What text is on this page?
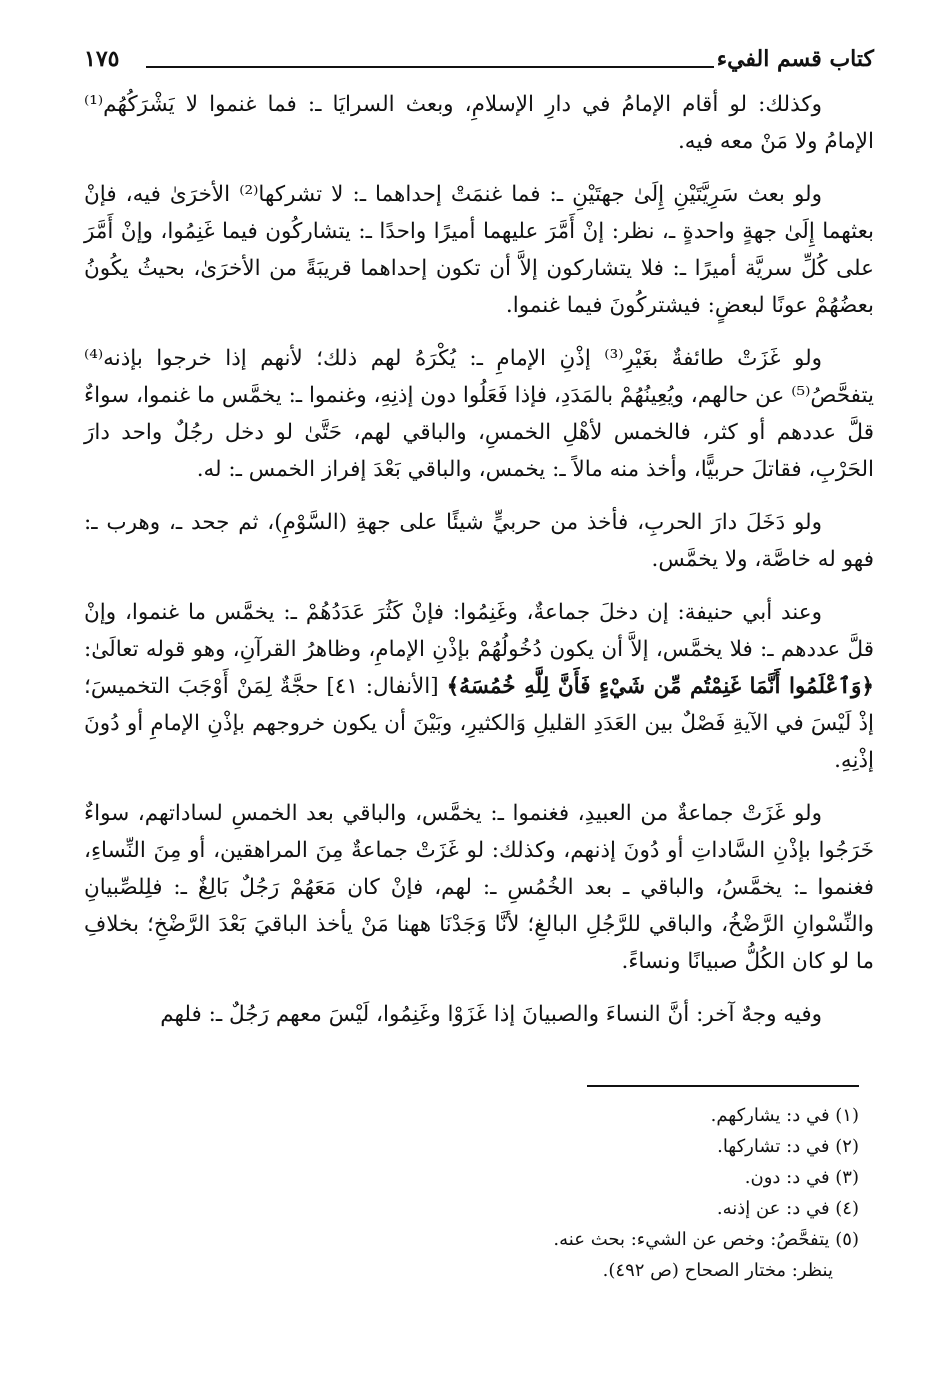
كتاب قسم الفيء
١٧٥

وكذلك: لو أقام الإمامُ في دارِ الإسلامِ، وبعث السرايَا ـ: فما غنموا لا يَشْرَكُهُم⁽¹⁾ الإمامُ ولا مَنْ معه فيه.

ولو بعث سَرِيَّتَيْنِ إِلَىٰ جهتَيْنِ ـ: فما غنمَتْ إحداهما ـ: لا تشركها⁽²⁾ الأخرَىٰ فيه، فإنْ بعثهما إِلَىٰ جهةٍ واحدةٍ ـ، نظر: إنْ أَمَّرَ عليهما أميرًا واحدًا ـ: يتشاركُون فيما غَنِمُوا، وإنْ أَمَّرَ على كُلِّ سريَّة أميرًا ـ: فلا يتشاركون إلاَّ أن تكون إحداهما قريبَةً من الأخرَىٰ، بحيثُ يكُونُ بعضُهُمْ عونًا لبعضٍ: فيشتركُونَ فيما غنموا.

ولو غَزَتْ طائفةٌ بغَيْرِ⁽³⁾ إذْنِ الإمامِ ـ: يُكْرَهُ لهم ذلك؛ لأنهم إذا خرجوا بإذنه⁽⁴⁾ يتفحَّصُ⁽⁵⁾ عن حالهم، ويُعِينُهُمْ بالمَدَدِ، فإذا فَعَلُوا دون إذنِهِ، وغنموا ـ: يخمَّس ما غنموا، سواءٌ قلَّ عددهم أو كثر، فالخمس لأهْلِ الخمسِ، والباقي لهم، حَتَّىٰ لو دخل رجُلٌ واحد دارَ الحَرْبِ، فقاتلَ حربيًّا، وأخذ منه مالاً ـ: يخمس، والباقي بَعْدَ إفراز الخمس ـ: له.

ولو دَخَلَ دارَ الحربِ، فأخذ من حربيٍّ شيئًا على جهةِ (السَّوْمِ)، ثم جحد ـ، وهرب ـ: فهو له خاصَّة، ولا يخمَّس.

وعند أبي حنيفة: إن دخلَ جماعةٌ، وغَنِمُوا: فإنْ كَثُرَ عَدَدُهُمْ ـ: يخمَّس ما غنموا، وإنْ قلَّ عددهم ـ: فلا يخمَّس، إلاَّ أن يكون دُخُولُهُمْ بإذْنِ الإمامِ، وظاهرُ القرآنِ، وهو قوله تعالَىٰ: ﴿وَٱعْلَمُوا أَنَّمَا غَنِمْتُم مِّن شَيْءٍ فَأَنَّ لِلَّهِ خُمُسَهُ﴾ [الأنفال: ٤١] حجَّةٌ لِمَنْ أَوْجَبَ التخميسَ؛ إذْ لَيْسَ في الآيةِ فَصْلٌ بين العَدَدِ القليلِ وَالكثيرِ، وبَيْنَ أن يكون خروجهم بإذْنِ الإمامِ أو دُونَ إذْنِهِ.

ولو غَزَتْ جماعةٌ من العبيدِ، فغنموا ـ: يخمَّس، والباقي بعد الخمسِ لساداتهم، سواءٌ خَرَجُوا بإذْنِ السَّاداتِ أو دُونَ إذنهم، وكذلك: لو غَزَتْ جماعةٌ مِنَ المراهقين، أو مِنَ النِّساءِ، فغنموا ـ: يخمَّسُ، والباقي ـ بعد الخُمُسِ ـ: لهم، فإنْ كان مَعَهُمْ رَجُلٌ بَالِغٌ ـ: فلِلصِّبيانِ والنِّسْوانِ الرَّضْخُ، والباقي للرَّجُلِ البالغِ؛ لأنَّا وَجَدْنَا ههنا مَنْ يأخذ الباقيَ بَعْدَ الرَّضْخِ؛ بخلافِ ما لو كان الكُلُّ صبيانًا ونساءً.

وفيه وجهٌ آخر: أنَّ النساءَ والصبيانَ إذا غَزَوْا وغَنِمُوا، لَيْسَ معهم رَجُلٌ ـ: فلهم

(١) في د: يشاركهم.
(٢) في د: تشاركها.
(٣) في د: دون.
(٤) في د: عن إذنه.
(٥) يتفحَّصُ: وخص عن الشيء: بحث عنه.
ينظر: مختار الصحاح (ص ٤٩٢).
